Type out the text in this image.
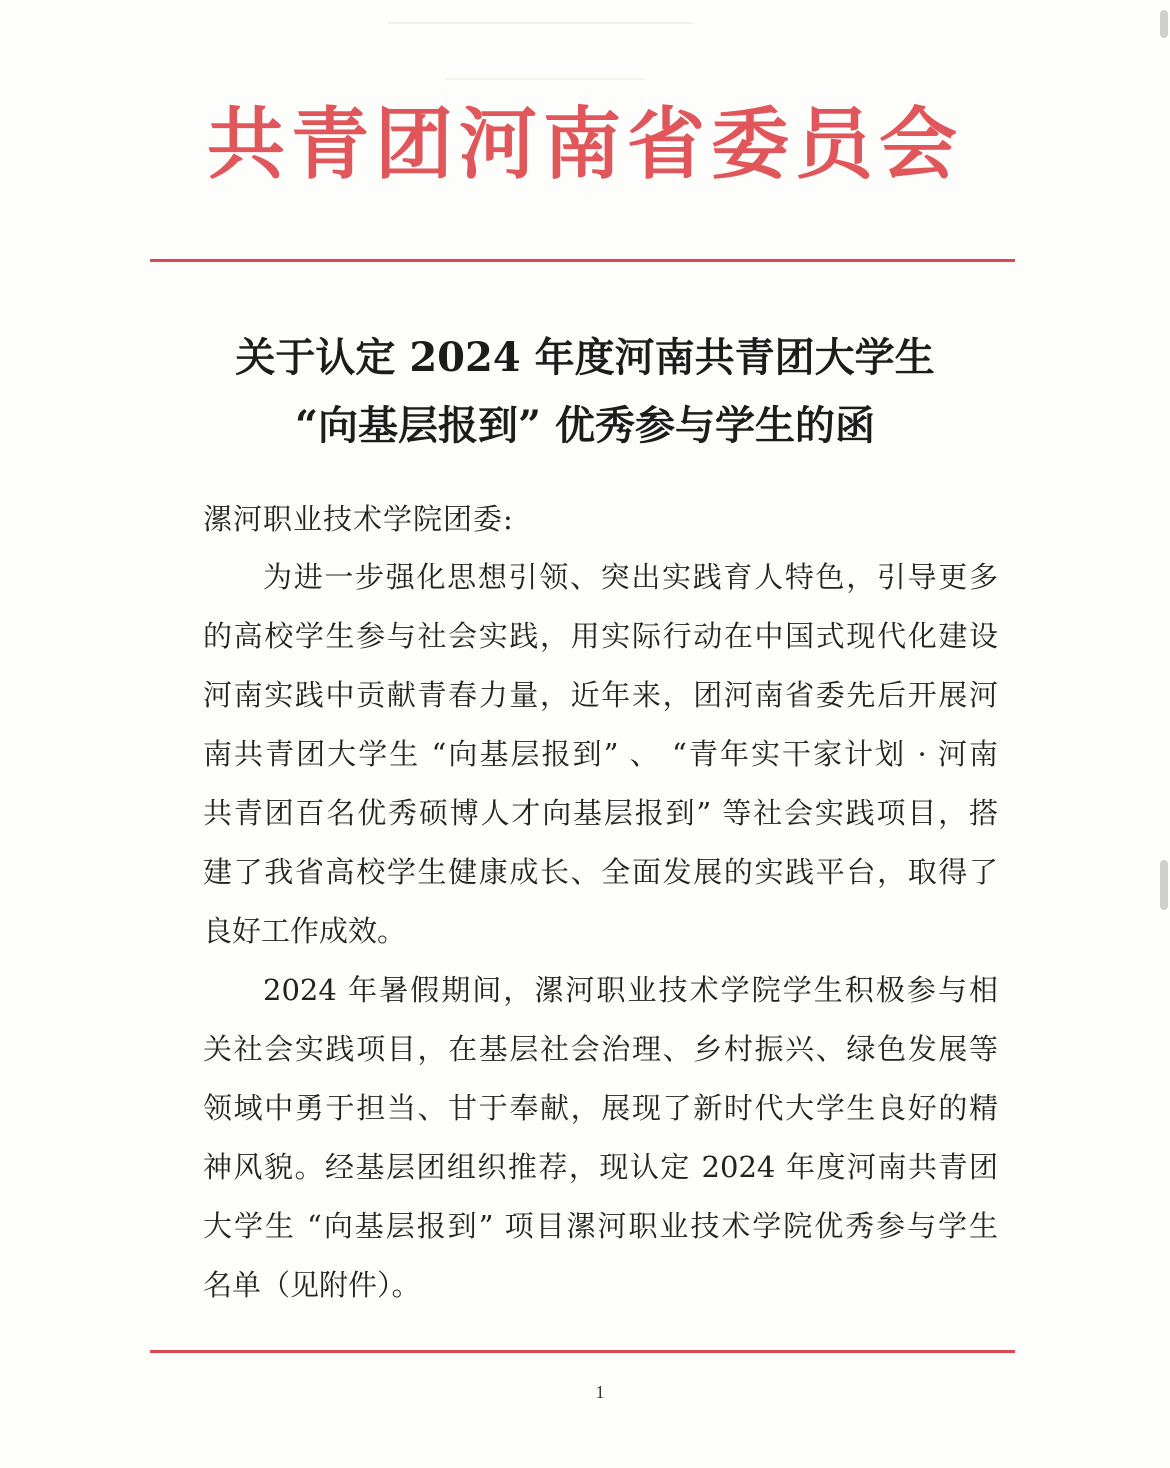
共青团河南省委员会
关于认定 2024 年度河南共青团大学生
“向基层报到” 优秀参与学生的函
漯河职业技术学院团委:
为进一步强化思想引领、突出实践育人特色，引导更多
的高校学生参与社会实践，用实际行动在中国式现代化建设
河南实践中贡献青春力量，近年来，团河南省委先后开展河
南共青团大学生 “向基层报到” 、 “青年实干家计划 · 河南
共青团百名优秀硕博人才向基层报到” 等社会实践项目，搭
建了我省高校学生健康成长、全面发展的实践平台，取得了
良好工作成效。
2024 年暑假期间，漯河职业技术学院学生积极参与相
关社会实践项目，在基层社会治理、乡村振兴、绿色发展等
领域中勇于担当、甘于奉献，展现了新时代大学生良好的精
神风貌。经基层团组织推荐，现认定 2024 年度河南共青团
大学生 “向基层报到” 项目漯河职业技术学院优秀参与学生
名单（见附件）。
1
